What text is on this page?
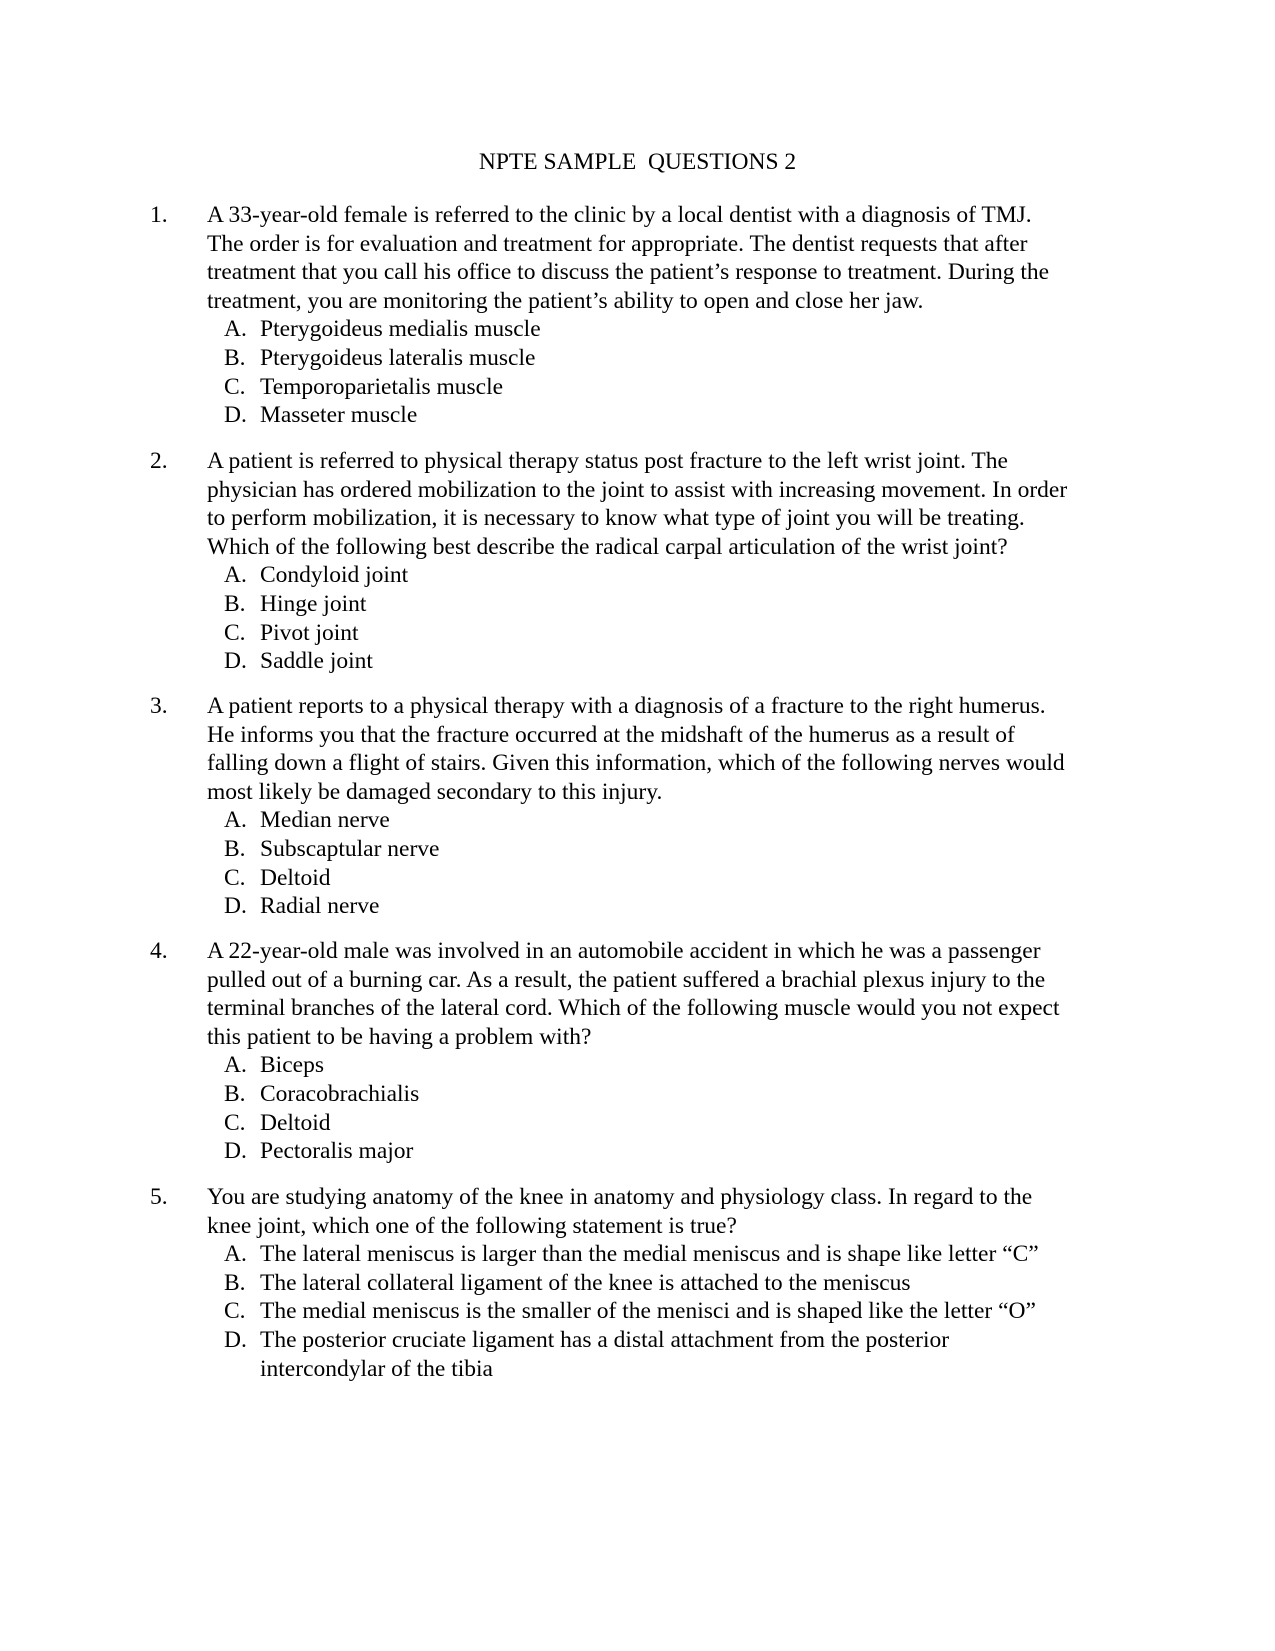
NPTE SAMPLE  QUESTIONS 2
1. A 33-year-old female is referred to the clinic by a local dentist with a diagnosis of TMJ.
The order is for evaluation and treatment for appropriate. The dentist requests that after
treatment that you call his office to discuss the patient’s response to treatment. During the
treatment, you are monitoring the patient’s ability to open and close her jaw.
A. Pterygoideus medialis muscle
B. Pterygoideus lateralis muscle
C. Temporoparietalis muscle
D. Masseter muscle
2. A patient is referred to physical therapy status post fracture to the left wrist joint. The
physician has ordered mobilization to the joint to assist with increasing movement. In order
to perform mobilization, it is necessary to know what type of joint you will be treating.
Which of the following best describe the radical carpal articulation of the wrist joint?
A. Condyloid joint
B. Hinge joint
C. Pivot joint
D. Saddle joint
3. A patient reports to a physical therapy with a diagnosis of a fracture to the right humerus.
He informs you that the fracture occurred at the midshaft of the humerus as a result of
falling down a flight of stairs. Given this information, which of the following nerves would
most likely be damaged secondary to this injury.
A. Median nerve
B. Subscaptular nerve
C. Deltoid
D. Radial nerve
4. A 22-year-old male was involved in an automobile accident in which he was a passenger
pulled out of a burning car. As a result, the patient suffered a brachial plexus injury to the
terminal branches of the lateral cord. Which of the following muscle would you not expect
this patient to be having a problem with?
A. Biceps
B. Coracobrachialis
C. Deltoid
D. Pectoralis major
5. You are studying anatomy of the knee in anatomy and physiology class. In regard to the
knee joint, which one of the following statement is true?
A. The lateral meniscus is larger than the medial meniscus and is shape like letter “C”
B. The lateral collateral ligament of the knee is attached to the meniscus
C. The medial meniscus is the smaller of the menisci and is shaped like the letter “O”
D. The posterior cruciate ligament has a distal attachment from the posterior
intercondylar of the tibia
